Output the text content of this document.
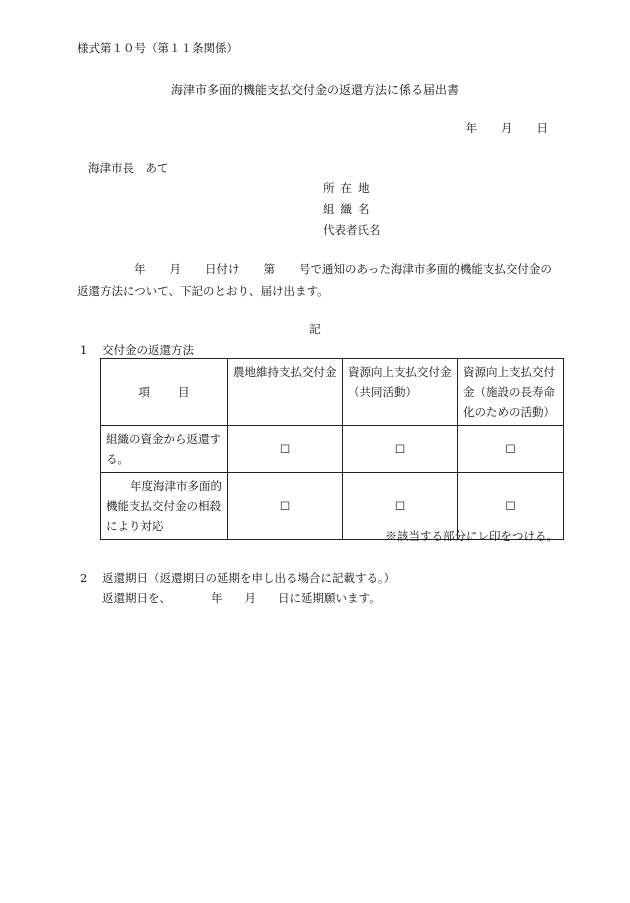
様式第１０号（第１１条関係）
海津市多面的機能支払交付金の返還方法に係る届出書
年 月 日
海津市長　あて
所在地
組織名
代表者氏名
年 月 日付け 第 号で通知のあった海津市多面的機能支払交付金の
返還方法について、下記のとおり、届け出ます。
記
1 交付金の返還方法
項 目	農地維持支払交付金	資源向上支払交付金（共同活動）	資源向上支払交付金（施設の長寿命化のための活動）
組織の資金から返還する。	☐	☐	☐
年度海津市多面的機能支払交付金の相殺により対応	☐	☐	☐
※該当する部分にレ印をつける。
2 返還期日（返還期日の延期を申し出る場合に記載する。）
返還期日を、	年 月 日に延期願います。
